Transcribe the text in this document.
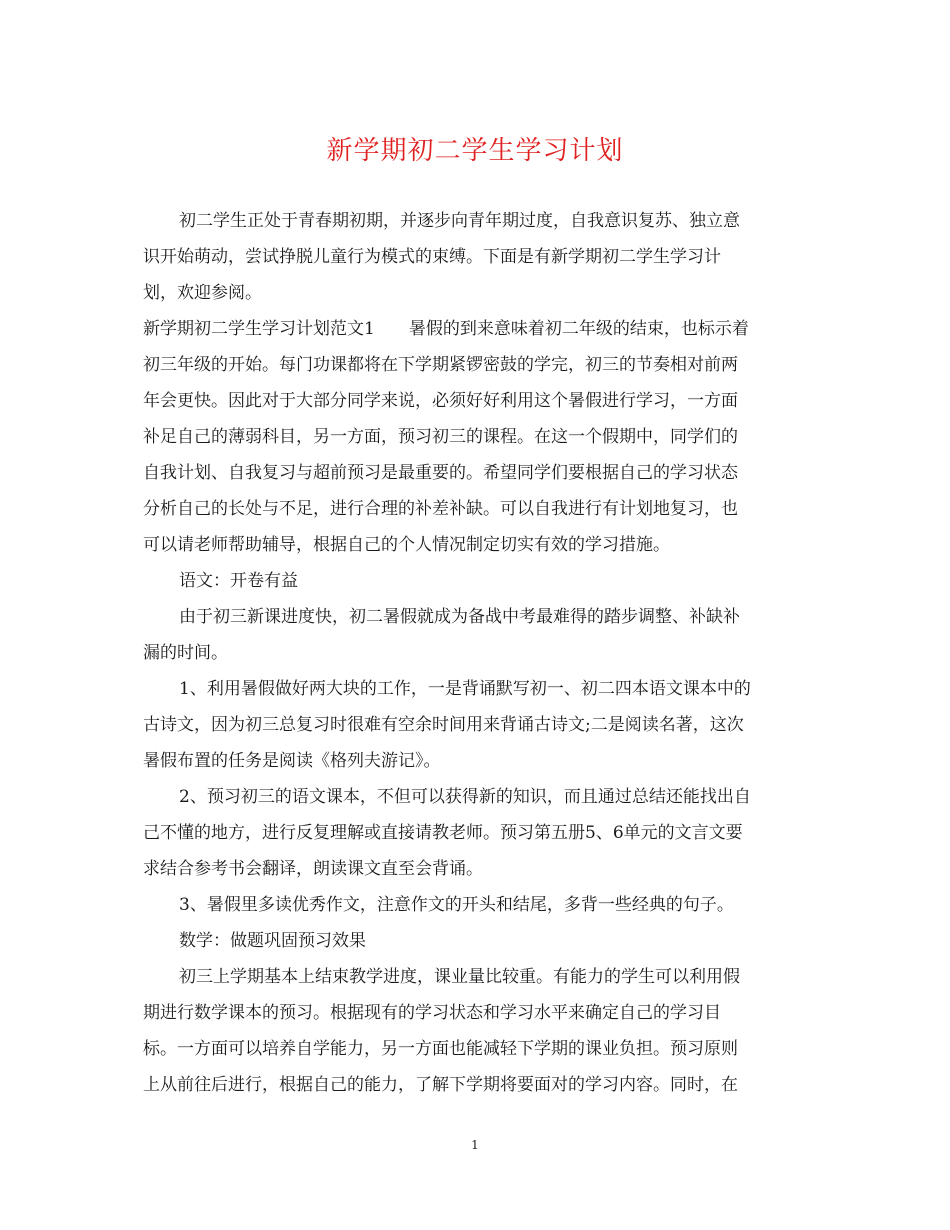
新学期初二学生学习计划
初二学生正处于青春期初期，并逐步向青年期过度，自我意识复苏、独立意
识开始萌动，尝试挣脱儿童行为模式的束缚。下面是有新学期初二学生学习计
划，欢迎参阅。
新学期初二学生学习计划范文1　　暑假的到来意味着初二年级的结束，也标示着
初三年级的开始。每门功课都将在下学期紧锣密鼓的学完，初三的节奏相对前两
年会更快。因此对于大部分同学来说，必须好好利用这个暑假进行学习，一方面
补足自己的薄弱科目，另一方面，预习初三的课程。在这一个假期中，同学们的
自我计划、自我复习与超前预习是最重要的。希望同学们要根据自己的学习状态
分析自己的长处与不足，进行合理的补差补缺。可以自我进行有计划地复习，也
可以请老师帮助辅导，根据自己的个人情况制定切实有效的学习措施。
语文：开卷有益
由于初三新课进度快，初二暑假就成为备战中考最难得的踏步调整、补缺补
漏的时间。
1、利用暑假做好两大块的工作，一是背诵默写初一、初二四本语文课本中的
古诗文，因为初三总复习时很难有空余时间用来背诵古诗文;二是阅读名著，这次
暑假布置的任务是阅读《格列夫游记》。
2、预习初三的语文课本，不但可以获得新的知识，而且通过总结还能找出自
己不懂的地方，进行反复理解或直接请教老师。预习第五册5、6单元的文言文要
求结合参考书会翻译，朗读课文直至会背诵。
3、暑假里多读优秀作文，注意作文的开头和结尾，多背一些经典的句子。
数学：做题巩固预习效果
初三上学期基本上结束教学进度，课业量比较重。有能力的学生可以利用假
期进行数学课本的预习。根据现有的学习状态和学习水平来确定自己的学习目
标。一方面可以培养自学能力，另一方面也能减轻下学期的课业负担。预习原则
上从前往后进行，根据自己的能力，了解下学期将要面对的学习内容。同时，在
1
